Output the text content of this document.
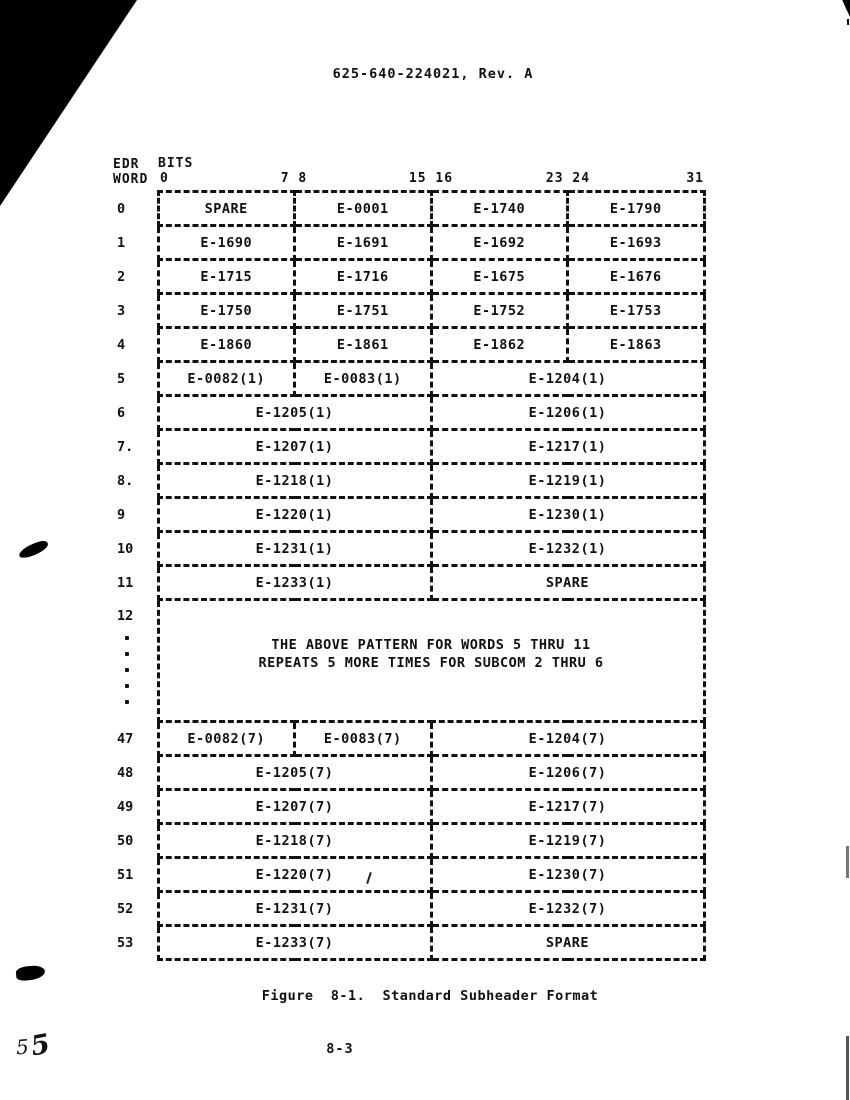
625-640-224021, Rev. A
EDR
WORD
BITS
0	7 8	15 16	23 24	31
0	SPARE	E-0001	E-1740	E-1790
1	E-1690	E-1691	E-1692	E-1693
2	E-1715	E-1716	E-1675	E-1676
3	E-1750	E-1751	E-1752	E-1753
4	E-1860	E-1861	E-1862	E-1863
5	E-0082(1)	E-0083(1)	E-1204(1)	
6	E-1205(1)		E-1206(1)	
7.	E-1207(1)		E-1217(1)	
8.	E-1218(1)		E-1219(1)	
9	E-1220(1)		E-1230(1)	
10	E-1231(1)		E-1232(1)	
11	E-1233(1)		SPARE	
12	THE ABOVE PATTERN FOR WORDS 5 THRU 11
REPEATS 5 MORE TIMES FOR SUBCOM 2 THRU 6			

47	E-0082(7)	E-0083(7)	E-1204(7)	
48	E-1205(7)		E-1206(7)	
49	E-1207(7)		E-1217(7)	
50	E-1218(7)		E-1219(7)	
51	E-1220(7)		E-1230(7)	
52	E-1231(7)		E-1232(7)	
53	E-1233(7)		SPARE	
Figure  8-1.  Standard Subheader Format
8-3
55
